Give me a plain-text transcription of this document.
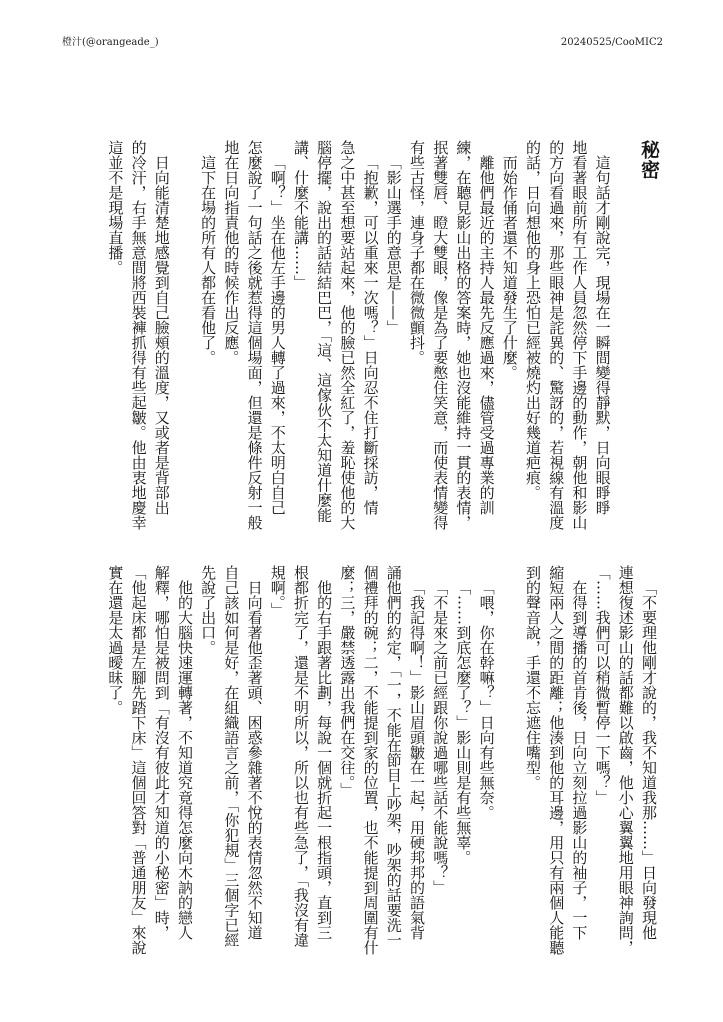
橙汁(@orangeade_)	20240525/CooMIC2
秘密
這句話才剛說完，現場在一瞬間變得靜默，日向眼睜睜
地看著眼前所有工作人員忽然停下手邊的動作，朝他和影山
的方向看過來，那些眼神是詫異的、驚訝的，若視線有溫度
的話，日向想他的身上恐怕已經被燒灼出好幾道疤痕。
而始作俑者還不知道發生了什麼。
離他們最近的主持人最先反應過來，儘管受過專業的訓
練，在聽見影山出格的答案時，她也沒能維持一貫的表情，
抿著雙唇、瞪大雙眼，像是為了要憋住笑意，而使表情變得
有些古怪，連身子都在微微顫抖。
「影山選手的意思是——」
「抱歉，可以重來一次嗎？」日向忍不住打斷採訪，情
急之中甚至想要站起來，他的臉已然全紅了，羞恥使他的大
腦停擺，說出的話結結巴巴，「這、這傢伙不太知道什麼能
講、什麼不能講……」
「啊？」坐在他左手邊的男人轉了過來，不太明白自己
怎麼說了一句話之後就惹得這個場面，但還是條件反射一般
地在日向指責他的時候作出反應。
這下在場的所有人都在看他了。
日向能清楚地感覺到自己臉頰的溫度，又或者是背部出
的冷汗，右手無意間將西裝褲抓得有些起皺。他由衷地慶幸
這並不是現場直播。
「不要理他剛才說的，我不知道我那……」日向發現他
連想復述影山的話都難以啟齒，他小心翼翼地用眼神詢問，
「……我們可以稍微暫停一下嗎？」
在得到導播的首肯後，日向立刻拉過影山的袖子，一下
縮短兩人之間的距離；他湊到他的耳邊，用只有兩個人能聽
到的聲音說，手還不忘遮住嘴型。
「喂，你在幹嘛？」日向有些無奈。
「……到底怎麼了？」影山則是有些無辜。
「不是來之前已經跟你說過哪些話不能說嗎？」
「我記得啊！」影山眉頭皺在一起，用硬邦邦的語氣背
誦他們的約定，「一，不能在節目上吵架，吵架的話要洗一
個禮拜的碗；二，不能提到家的位置，也不能提到周圍有什
麼；三，嚴禁透露出我們在交往。」
他的右手跟著比劃，每說一個就折起一根指頭，直到三
根都折完了，還是不明所以，所以也有些急了，「我沒有違
規啊。」
日向看著他歪著頭、困惑參雜著不悅的表情忽然不知道
自己該如何是好，在組織語言之前，「你犯規」三個字已經
先說了出口。
他的大腦快速運轉著，不知道究竟得怎麼向木訥的戀人
解釋，哪怕是被問到「有沒有彼此才知道的小秘密」時，
「他起床都是左腳先踏下床」這個回答對「普通朋友」來說
實在還是太過曖昧了。
